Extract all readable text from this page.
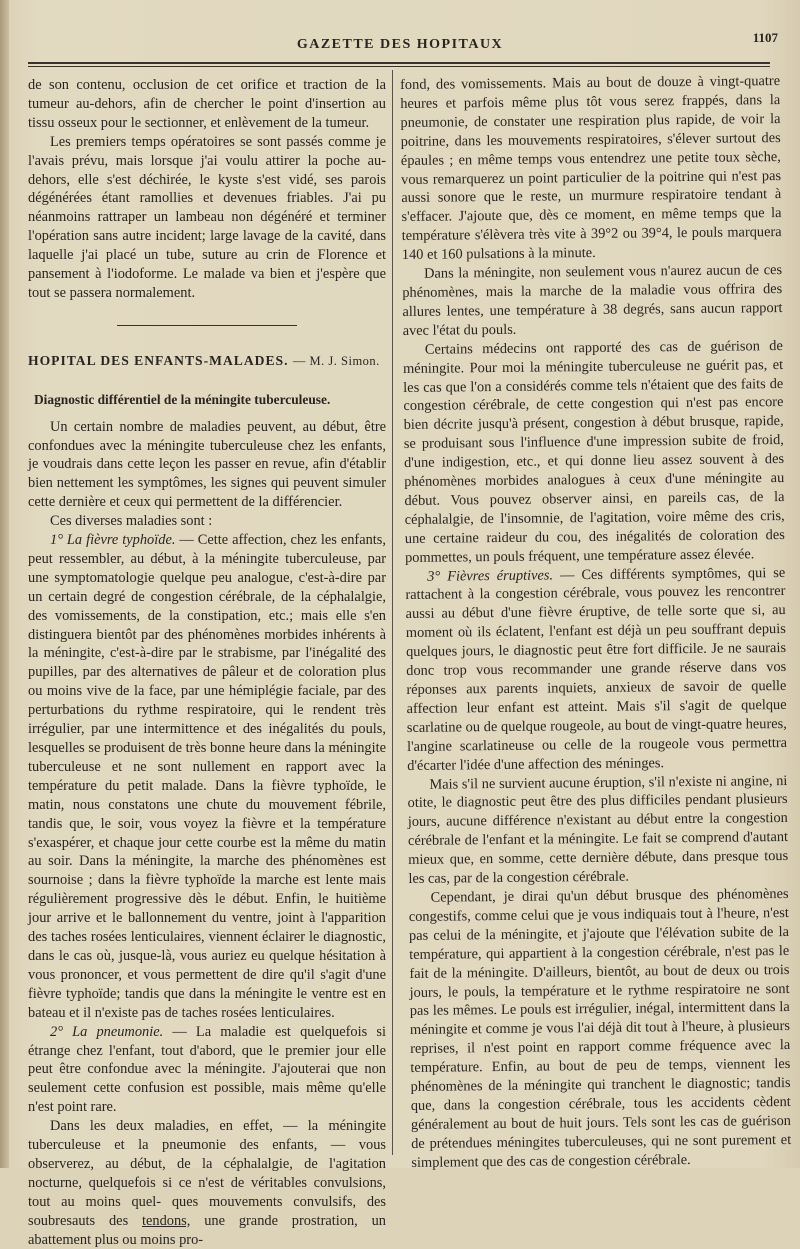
GAZETTE DES HOPITAUX	1107

de son contenu, occlusion de cet orifice et traction de la tumeur au-dehors, afin de chercher le point d'insertion au tissu osseux pour le sectionner, et enlèvement de la tumeur.

Les premiers temps opératoires se sont passés comme je l'avais prévu, mais lorsque j'ai voulu attirer la poche au-dehors, elle s'est déchirée, le kyste s'est vidé, ses parois dégénérées étant ramollies et devenues friables. J'ai pu néanmoins rattraper un lambeau non dégénéré et terminer l'opération sans autre incident; large lavage de la cavité, dans laquelle j'ai placé un tube, suture au crin de Florence et pansement à l'iodoforme. Le malade va bien et j'espère que tout se passera normalement.

HOPITAL DES ENFANTS-MALADES. — M. J. Simon.

Diagnostic différentiel de la méningite tuberculeuse.

Un certain nombre de maladies peuvent, au début, être confondues avec la méningite tuberculeuse chez les enfants, je voudrais dans cette leçon les passer en revue, afin d'établir bien nettement les symptômes, les signes qui peuvent simuler cette dernière et ceux qui permettent de la différencier.

Ces diverses maladies sont :

1° La fièvre typhoïde. — Cette affection, chez les enfants, peut ressembler, au début, à la méningite tuberculeuse, par une symptomatologie quelque peu analogue, c'est-à-dire par un certain degré de congestion cérébrale, de la céphalalgie, des vomissements, de la constipation, etc.; mais elle s'en distinguera bientôt par des phénomènes morbides inhérents à la méningite, c'est-à-dire par le strabisme, par l'inégalité des pupilles, par des alternatives de pâleur et de coloration plus ou moins vive de la face, par une hémiplégie faciale, par des perturbations du rythme respiratoire, qui le rendent très irrégulier, par une intermittence et des inégalités du pouls, lesquelles se produisent de très bonne heure dans la méningite tuberculeuse et ne sont nullement en rapport avec la température du petit malade. Dans la fièvre typhoïde, le matin, nous constatons une chute du mouvement fébrile, tandis que, le soir, vous voyez la fièvre et la température s'exaspérer, et chaque jour cette courbe est la même du matin au soir. Dans la méningite, la marche des phénomènes est sournoise ; dans la fièvre typhoïde la marche est lente mais régulièrement progressive dès le début. Enfin, le huitième jour arrive et le ballonnement du ventre, joint à l'apparition des taches rosées lenticulaires, viennent éclairer le diagnostic, dans le cas où, jusque-là, vous auriez eu quelque hésitation à vous prononcer, et vous permettent de dire qu'il s'agit d'une fièvre typhoïde; tandis que dans la méningite le ventre est en bateau et il n'existe pas de taches rosées lenticulaires.

2° La pneumonie. — La maladie est quelquefois si étrange chez l'enfant, tout d'abord, que le premier jour elle peut être confondue avec la méningite. J'ajouterai que non seulement cette confusion est possible, mais même qu'elle n'est point rare.

Dans les deux maladies, en effet, — la méningite tuberculeuse et la pneumonie des enfants, — vous observerez, au début, de la céphalalgie, de l'agitation nocturne, quelquefois si ce n'est de véritables convulsions, tout au moins quel- ques mouvements convulsifs, des soubresauts des tendons, une grande prostration, un abattement plus ou moins pro-

fond, des vomissements. Mais au bout de douze à vingt-quatre heures et parfois même plus tôt vous serez frappés, dans la pneumonie, de constater une respiration plus rapide, de voir la poitrine, dans les mouvements respiratoires, s'élever surtout des épaules ; en même temps vous entendrez une petite toux sèche, vous remarquerez un point particulier de la poitrine qui n'est pas aussi sonore que le reste, un murmure respiratoire tendant à s'effacer. J'ajoute que, dès ce moment, en même temps que la température s'élèvera très vite à 39°2 ou 39°4, le pouls marquera 140 et 160 pulsations à la minute.

Dans la méningite, non seulement vous n'aurez aucun de ces phénomènes, mais la marche de la maladie vous offrira des allures lentes, une température à 38 degrés, sans aucun rapport avec l'état du pouls.

Certains médecins ont rapporté des cas de guérison de méningite. Pour moi la méningite tuberculeuse ne guérit pas, et les cas que l'on a considérés comme tels n'étaient que des faits de congestion cérébrale, de cette congestion qui n'est pas encore bien décrite jusqu'à présent, congestion à début brusque, rapide, se produisant sous l'influence d'une impression subite de froid, d'une indigestion, etc., et qui donne lieu assez souvent à des phénomènes morbides analogues à ceux d'une méningite au début. Vous pouvez observer ainsi, en pareils cas, de la céphalalgie, de l'insomnie, de l'agitation, voire même des cris, une certaine raideur du cou, des inégalités de coloration des pommettes, un pouls fréquent, une température assez élevée.

3° Fièvres éruptives. — Ces différents symptômes, qui se rattachent à la congestion cérébrale, vous pouvez les rencontrer aussi au début d'une fièvre éruptive, de telle sorte que si, au moment où ils éclatent, l'enfant est déjà un peu souffrant depuis quelques jours, le diagnostic peut être fort difficile. Je ne saurais donc trop vous recommander une grande réserve dans vos réponses aux parents inquiets, anxieux de savoir de quelle affection leur enfant est atteint. Mais s'il s'agit de quelque scarlatine ou de quelque rougeole, au bout de vingt-quatre heures, l'angine scarlatineuse ou celle de la rougeole vous permettra d'écarter l'idée d'une affection des méninges.

Mais s'il ne survient aucune éruption, s'il n'existe ni angine, ni otite, le diagnostic peut être des plus difficiles pendant plusieurs jours, aucune différence n'existant au début entre la congestion cérébrale de l'enfant et la méningite. Le fait se comprend d'autant mieux que, en somme, cette dernière débute, dans presque tous les cas, par de la congestion cérébrale.

Cependant, je dirai qu'un début brusque des phénomènes congestifs, comme celui que je vous indiquais tout à l'heure, n'est pas celui de la méningite, et j'ajoute que l'élévation subite de la température, qui appartient à la congestion cérébrale, n'est pas le fait de la méningite. D'ailleurs, bientôt, au bout de deux ou trois jours, le pouls, la température et le rythme respiratoire ne sont pas les mêmes. Le pouls est irrégulier, inégal, intermittent dans la méningite et comme je vous l'ai déjà dit tout à l'heure, à plusieurs reprises, il n'est point en rapport comme fréquence avec la température. Enfin, au bout de peu de temps, viennent les phénomènes de la méningite qui tranchent le diagnostic; tandis que, dans la congestion cérébrale, tous les accidents cèdent généralement au bout de huit jours. Tels sont les cas de guérison de prétendues méningites tuberculeuses, qui ne sont purement et simplement que des cas de congestion cérébrale.
